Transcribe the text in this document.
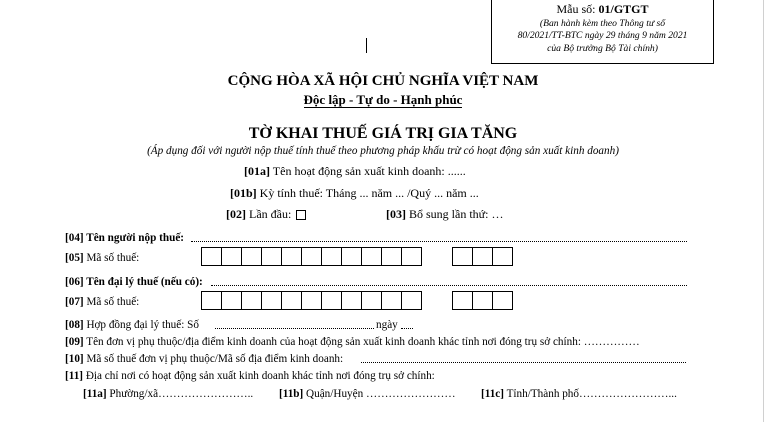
Mẫu số: 01/GTGT
(Ban hành kèm theo Thông tư số
80/2021/TT-BTC ngày 29 tháng 9 năm 2021
của Bộ trưởng Bộ Tài chính)
CỘNG HÒA XÃ HỘI CHỦ NGHĨA VIỆT NAM
Độc lập - Tự do - Hạnh phúc
TỜ KHAI THUẾ GIÁ TRỊ GIA TĂNG
(Áp dụng đối với người nộp thuế tính thuế theo phương pháp khấu trừ có hoạt động sản xuất kinh doanh)
[01a] Tên hoạt động sản xuất kinh doanh: ......
[01b] Kỳ tính thuế: Tháng ... năm ... /Quý ... năm ...
[02] Lần đầu:	[03] Bổ sung lần thứ: …
[04] Tên người nộp thuế:
[05] Mã số thuế:
[06] Tên đại lý thuế (nếu có):
[07] Mã số thuế:
[08] Hợp đồng đại lý thuế: Số	ngày
[09] Tên đơn vị phụ thuộc/địa điểm kinh doanh của hoạt động sản xuất kinh doanh khác tỉnh nơi đóng trụ sở chính: ……………
[10] Mã số thuế đơn vị phụ thuộc/Mã số địa điểm kinh doanh:
[11] Địa chỉ nơi có hoạt động sản xuất kinh doanh khác tỉnh nơi đóng trụ sở chính:
[11a] Phường/xã…………………….. [11b] Quận/Huyện …………………… [11c] Tỉnh/Thành phố……………………...
